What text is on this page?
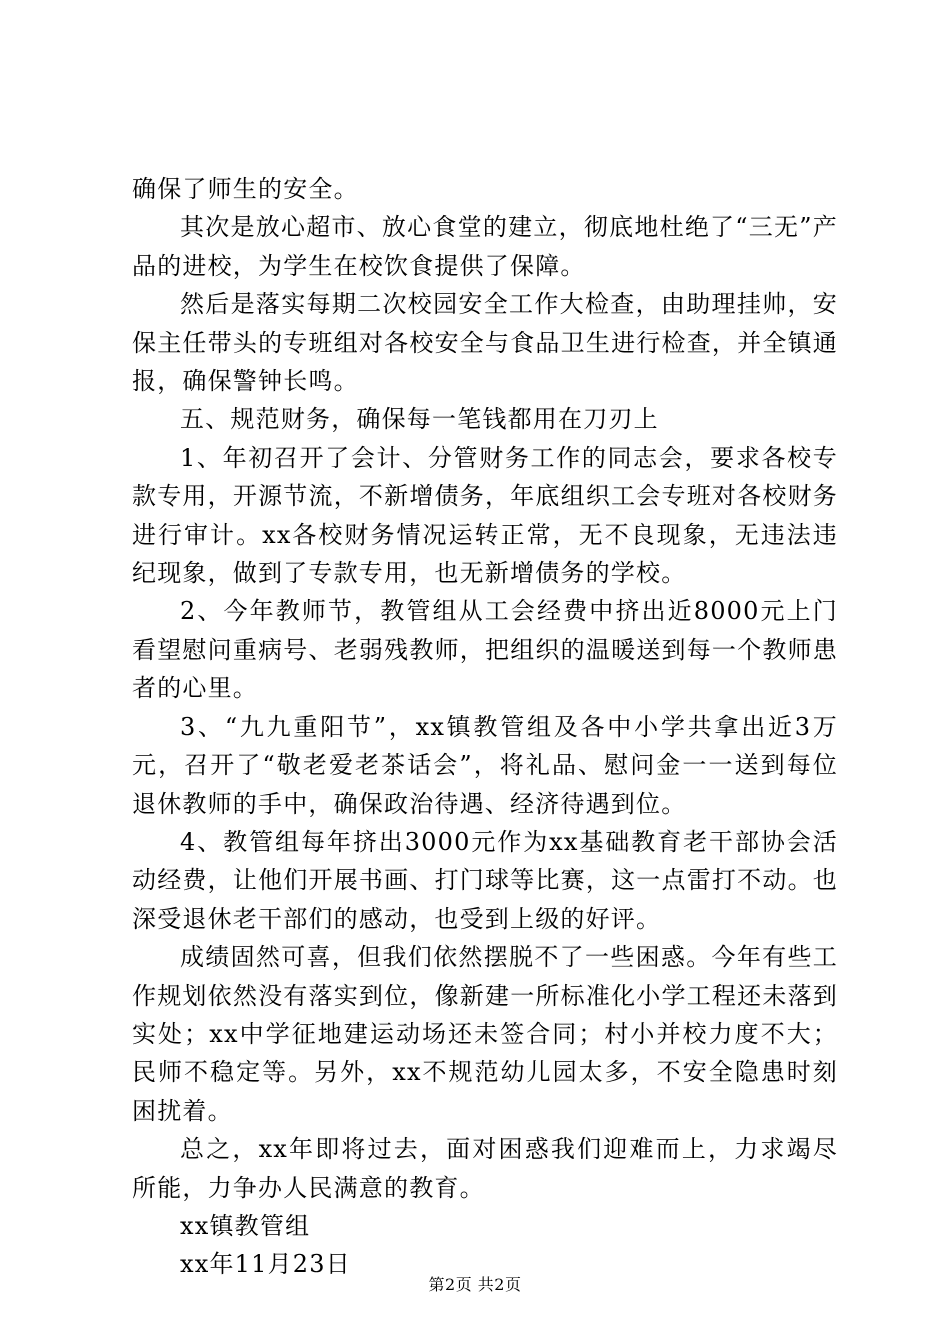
确保了师生的安全。

其次是放心超市、放心食堂的建立，彻底地杜绝了“三无”产品的进校，为学生在校饮食提供了保障。

然后是落实每期二次校园安全工作大检查，由助理挂帅，安保主任带头的专班组对各校安全与食品卫生进行检查，并全镇通报，确保警钟长鸣。

五、规范财务，确保每一笔钱都用在刀刃上

1、年初召开了会计、分管财务工作的同志会，要求各校专款专用，开源节流，不新增债务，年底组织工会专班对各校财务进行审计。xx各校财务情况运转正常，无不良现象，无违法违纪现象，做到了专款专用，也无新增债务的学校。

2、今年教师节，教管组从工会经费中挤出近8000元上门看望慰问重病号、老弱残教师，把组织的温暖送到每一个教师患者的心里。

3、“九九重阳节”，xx镇教管组及各中小学共拿出近3万元，召开了“敬老爱老茶话会”，将礼品、慰问金一一送到每位退休教师的手中，确保政治待遇、经济待遇到位。

4、教管组每年挤出3000元作为xx基础教育老干部协会活动经费，让他们开展书画、打门球等比赛，这一点雷打不动。也深受退休老干部们的感动，也受到上级的好评。

成绩固然可喜，但我们依然摆脱不了一些困惑。今年有些工作规划依然没有落实到位，像新建一所标准化小学工程还未落到实处；xx中学征地建运动场还未签合同；村小并校力度不大；民师不稳定等。另外，xx不规范幼儿园太多，不安全隐患时刻困扰着。

总之，xx年即将过去，面对困惑我们迎难而上，力求竭尽所能，力争办人民满意的教育。

xx镇教管组

xx年11月23日

第2页 共2页
